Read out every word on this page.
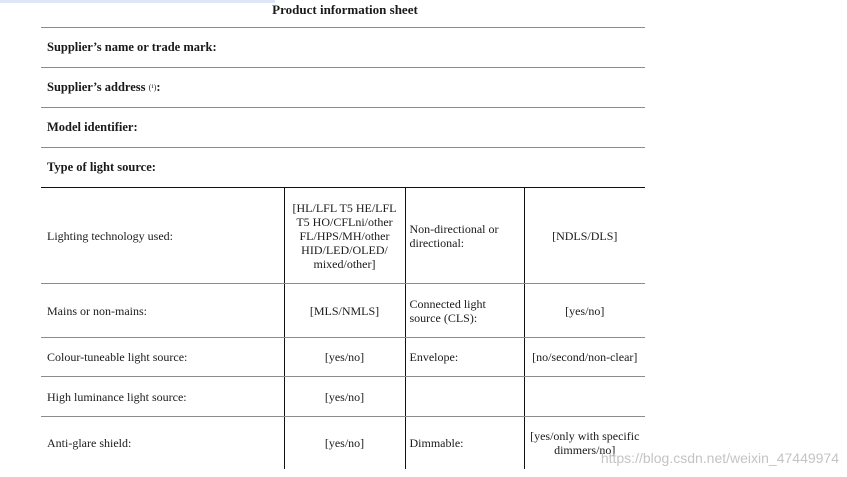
Product information sheet
Supplier’s name or trade mark:
Supplier’s address
(¹) :
Model identifier:
Type of light source:
Lighting technology used:	[HL/LFL T5 HE/LFL T5 HO/CFLni/other FL/HPS/MH/other HID/LED/OLED/ mixed/other]	Non-directional or directional:	[NDLS/DLS]
Mains or non-mains:	[MLS/NMLS]	Connected light source (CLS):	[yes/no]
Colour-tuneable light source:	[yes/no]	Envelope:	[no/second/non-clear]
High luminance light source:	[yes/no]		
Anti-glare shield:	[yes/no]	Dimmable:	[yes/only with specific dimmers/no]
https://blog.csdn.net/weixin_47449974
